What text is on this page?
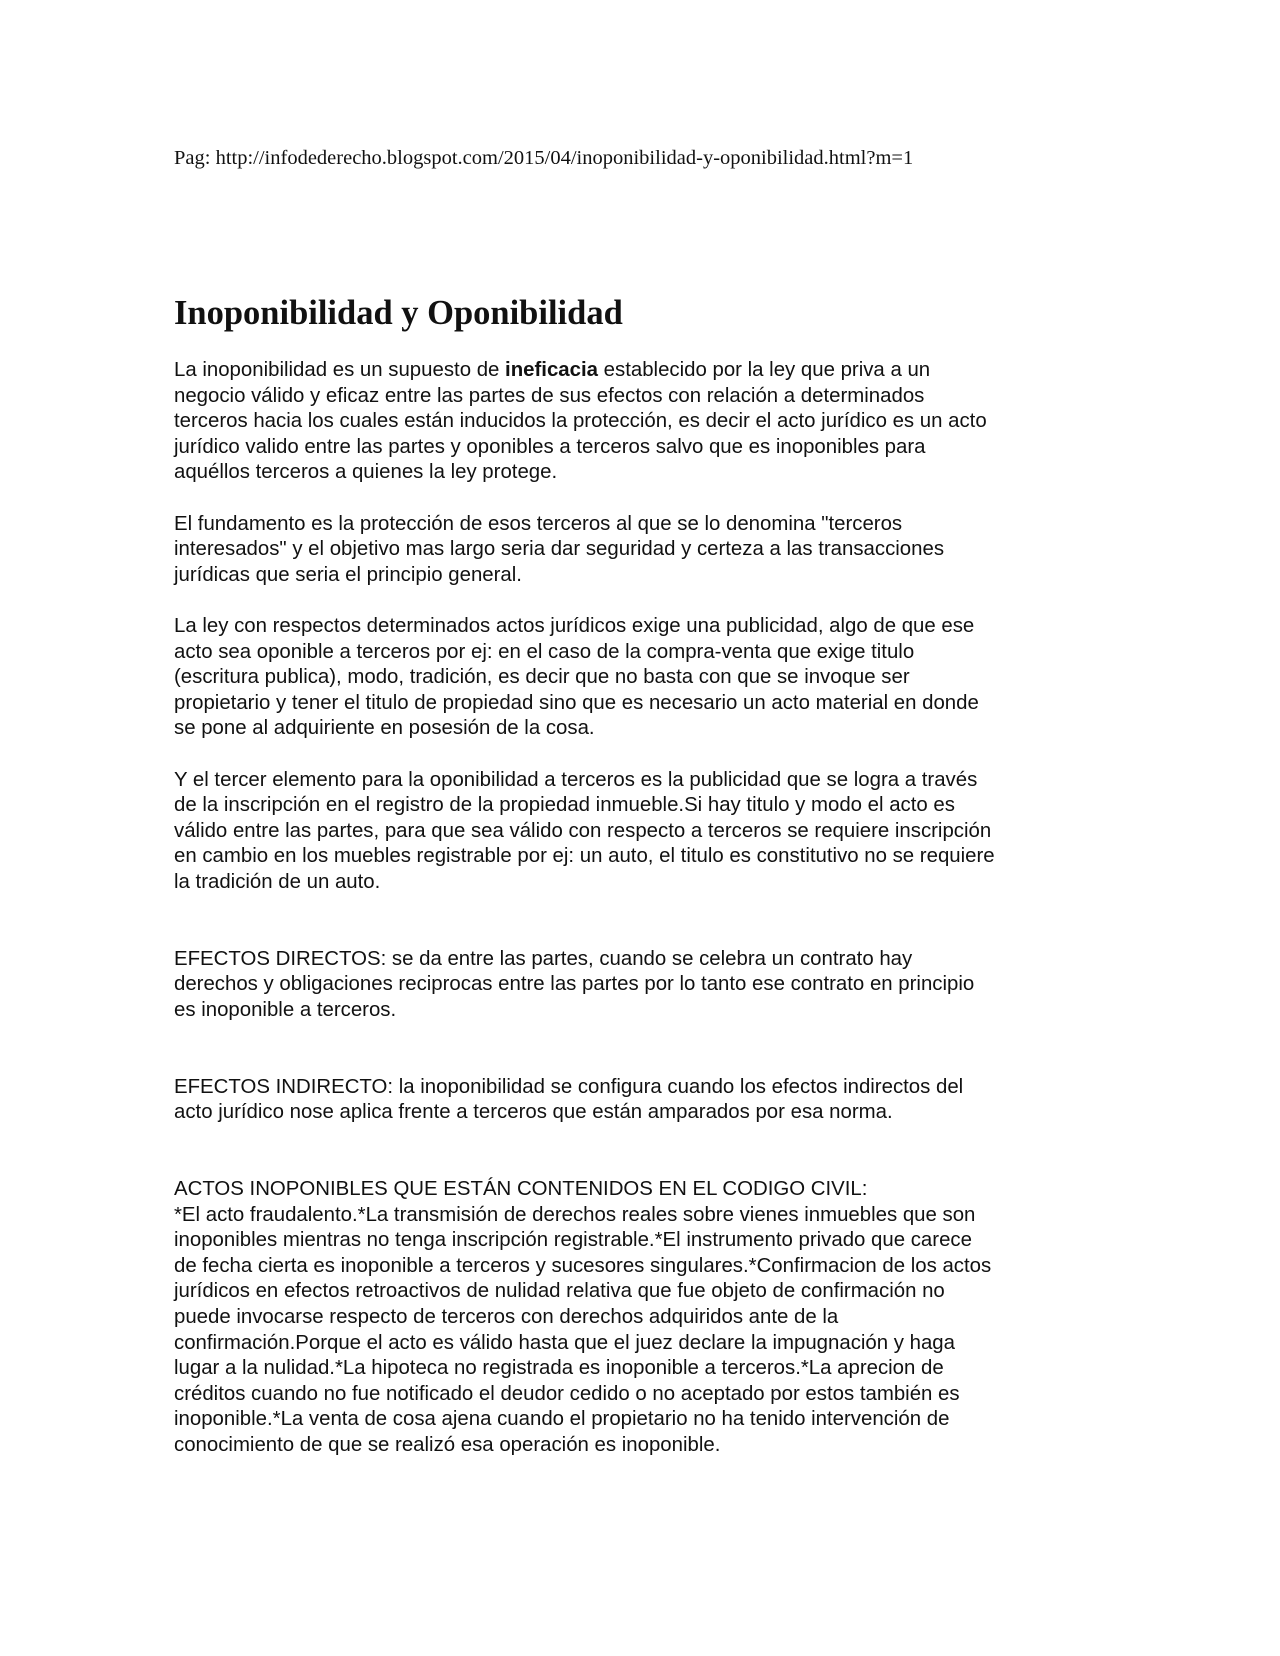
Pag: http://infodederecho.blogspot.com/2015/04/inoponibilidad-y-oponibilidad.html?m=1
Inoponibilidad y Oponibilidad

La inoponibilidad es un supuesto de ineficacia establecido por la ley que priva a un
negocio válido y eficaz entre las partes de sus efectos con relación a determinados
terceros hacia los cuales están inducidos la protección, es decir el acto jurídico es un acto
jurídico valido entre las partes y oponibles a terceros salvo que es inoponibles para
aquéllos terceros a quienes la ley protege.

El fundamento es la protección de esos terceros al que se lo denomina "terceros
interesados" y el objetivo mas largo seria dar seguridad y certeza a las transacciones
jurídicas que seria el principio general.

La ley con respectos determinados actos jurídicos exige una publicidad, algo de que ese
acto sea oponible a terceros por ej: en el caso de la compra-venta que exige titulo
(escritura publica), modo, tradición, es decir que no basta con que se invoque ser
propietario y tener el titulo de propiedad sino que es necesario un acto material en donde
se pone al adquiriente en posesión de la cosa.

Y el tercer elemento para la oponibilidad a terceros es la publicidad que se logra a través
de la inscripción en el registro de la propiedad inmueble.Si hay titulo y modo el acto es
válido entre las partes, para que sea válido con respecto a terceros se requiere inscripción
en cambio en los muebles registrable por ej: un auto, el titulo es constitutivo no se requiere
la tradición de un auto.

EFECTOS DIRECTOS: se da entre las partes, cuando se celebra un contrato hay
derechos y obligaciones reciprocas entre las partes por lo tanto ese contrato en principio
es inoponible a terceros.

EFECTOS INDIRECTO: la inoponibilidad se configura cuando los efectos indirectos del
acto jurídico nose aplica frente a terceros que están amparados por esa norma.

ACTOS INOPONIBLES QUE ESTÁN CONTENIDOS EN EL CODIGO CIVIL:
*El acto fraudalento.*La transmisión de derechos reales sobre vienes inmuebles que son
inoponibles mientras no tenga inscripción registrable.*El instrumento privado que carece
de fecha cierta es inoponible a terceros y sucesores singulares.*Confirmacion de los actos
jurídicos en efectos retroactivos de nulidad relativa que fue objeto de confirmación no
puede invocarse respecto de terceros con derechos adquiridos ante de la
confirmación.Porque el acto es válido hasta que el juez declare la impugnación y haga
lugar a la nulidad.*La hipoteca no registrada es inoponible a terceros.*La aprecion de
créditos cuando no fue notificado el deudor cedido o no aceptado por estos también es
inoponible.*La venta de cosa ajena cuando el propietario no ha tenido intervención de
conocimiento de que se realizó esa operación es inoponible.
